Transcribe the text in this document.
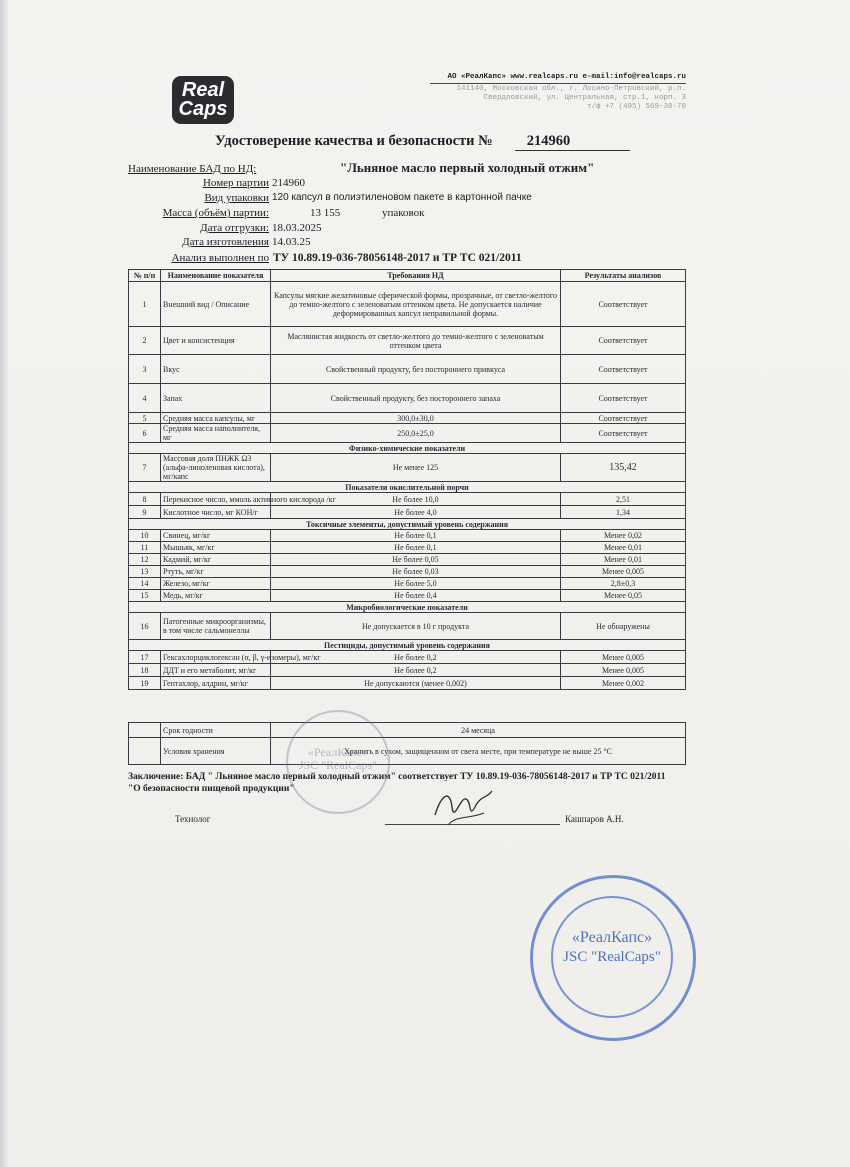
Real
Caps
АО «РеалКапс» www.realcaps.ru e-mail:info@realcaps.ru
141140, Московская обл., г. Лосино-Петровский, р.п.
Свердловский, ул. Центральная, стр.1, корп. 3
т/ф +7 (495) 569-30-70
Удостоверение качества и безопасности № 214960
Наименование БАД по НД:	"Льняное масло первый холодный отжим"
Номер партии 214960
Вид упаковки 120 капсул в полиэтиленовом пакете в картонной пачке
Масса (объём) партии:	13 155	упаковок
Дата отгрузки: 18.03.2025
Дата изготовления 14.03.25
Анализ выполнен по ТУ 10.89.19-036-78056148-2017 и ТР ТС 021/2011
№ п/п	Наименование показателя	Требования НД	Результаты анализов
1	Внешний вид / Описание	Капсулы мягкие желатиновые сферической формы, прозрачные, от светло-желтого до темно-желтого с зеленоватым оттенком цвета. Не допускается наличие деформированных капсул неправильной формы.	Соответствует
2	Цвет и консистенция	Маслянистая жидкость от светло-желтого до темно-желтого с зеленоватым оттенком цвета	Соответствует
3	Вкус	Свойственный продукту, без постороннего привкуса	Соответствует
4	Запах	Свойственный продукту, без постороннего запаха	Соответствует
5	Средняя масса капсулы, мг	300,0±30,0	Соответствует
6	Средняя масса наполнителя, мг	250,0±25,0	Соответствует
Физико-химические показатели			
7	Массовая доля ПНЖК Ω3 (альфа-линоленовая кислота), мг/капс	Не менее 125	135,42
Показатели окислительной порчи			
8	Перекисное число, ммоль активного кислорода /кг	Не более 10,0	2,51
9	Кислотное число, мг КОН/г	Не более 4,0	1,34
Токсичные элементы, допустимый уровень содержания			
10	Свинец, мг/кг	Не более 0,1	Менее 0,02
11	Мышьяк, мг/кг	Не более 0,1	Менее 0,01
12	Кадмий, мг/кг	Не более 0,05	Менее 0,01
13	Ртуть, мг/кг	Не более 0,03	Менее 0,005
14	Железо, мг/кг	Не более 5,0	2,8±0,3
15	Медь, мг/кг	Не более 0,4	Менее 0,05
Микробиологические показатели			
16	Патогенные микроорганизмы, в том числе сальмонеллы	Не допускается в 10 г продукта	Не обнаружены
Пестициды, допустимый уровень содержания			
17	Гексахлорциклогексан (α, β, γ-изомеры), мг/кг	Не более 0,2	Менее 0,005
18	ДДТ и его метаболит, мг/кг	Не более 0,2	Менее 0,005
19	Гептахлор, алдрин, мг/кг	Не допускаются (менее 0,002)	Менее 0,002
	Срок годности	24 месяца
	Условия хранения	Хранить в сухом, защищенном от света месте, при температуре не выше 25 °С
Заключение: БАД " Льняное масло первый холодный отжим" соответствует ТУ 10.89.19-036-78056148-2017 и ТР ТС 021/2011
"О безопасности пищевой продукции"
Технолог	Кашпаров А.Н.
«РеалКапс»
JSC "RealCaps"
«РеалКапс»
JSC "RealCaps"
